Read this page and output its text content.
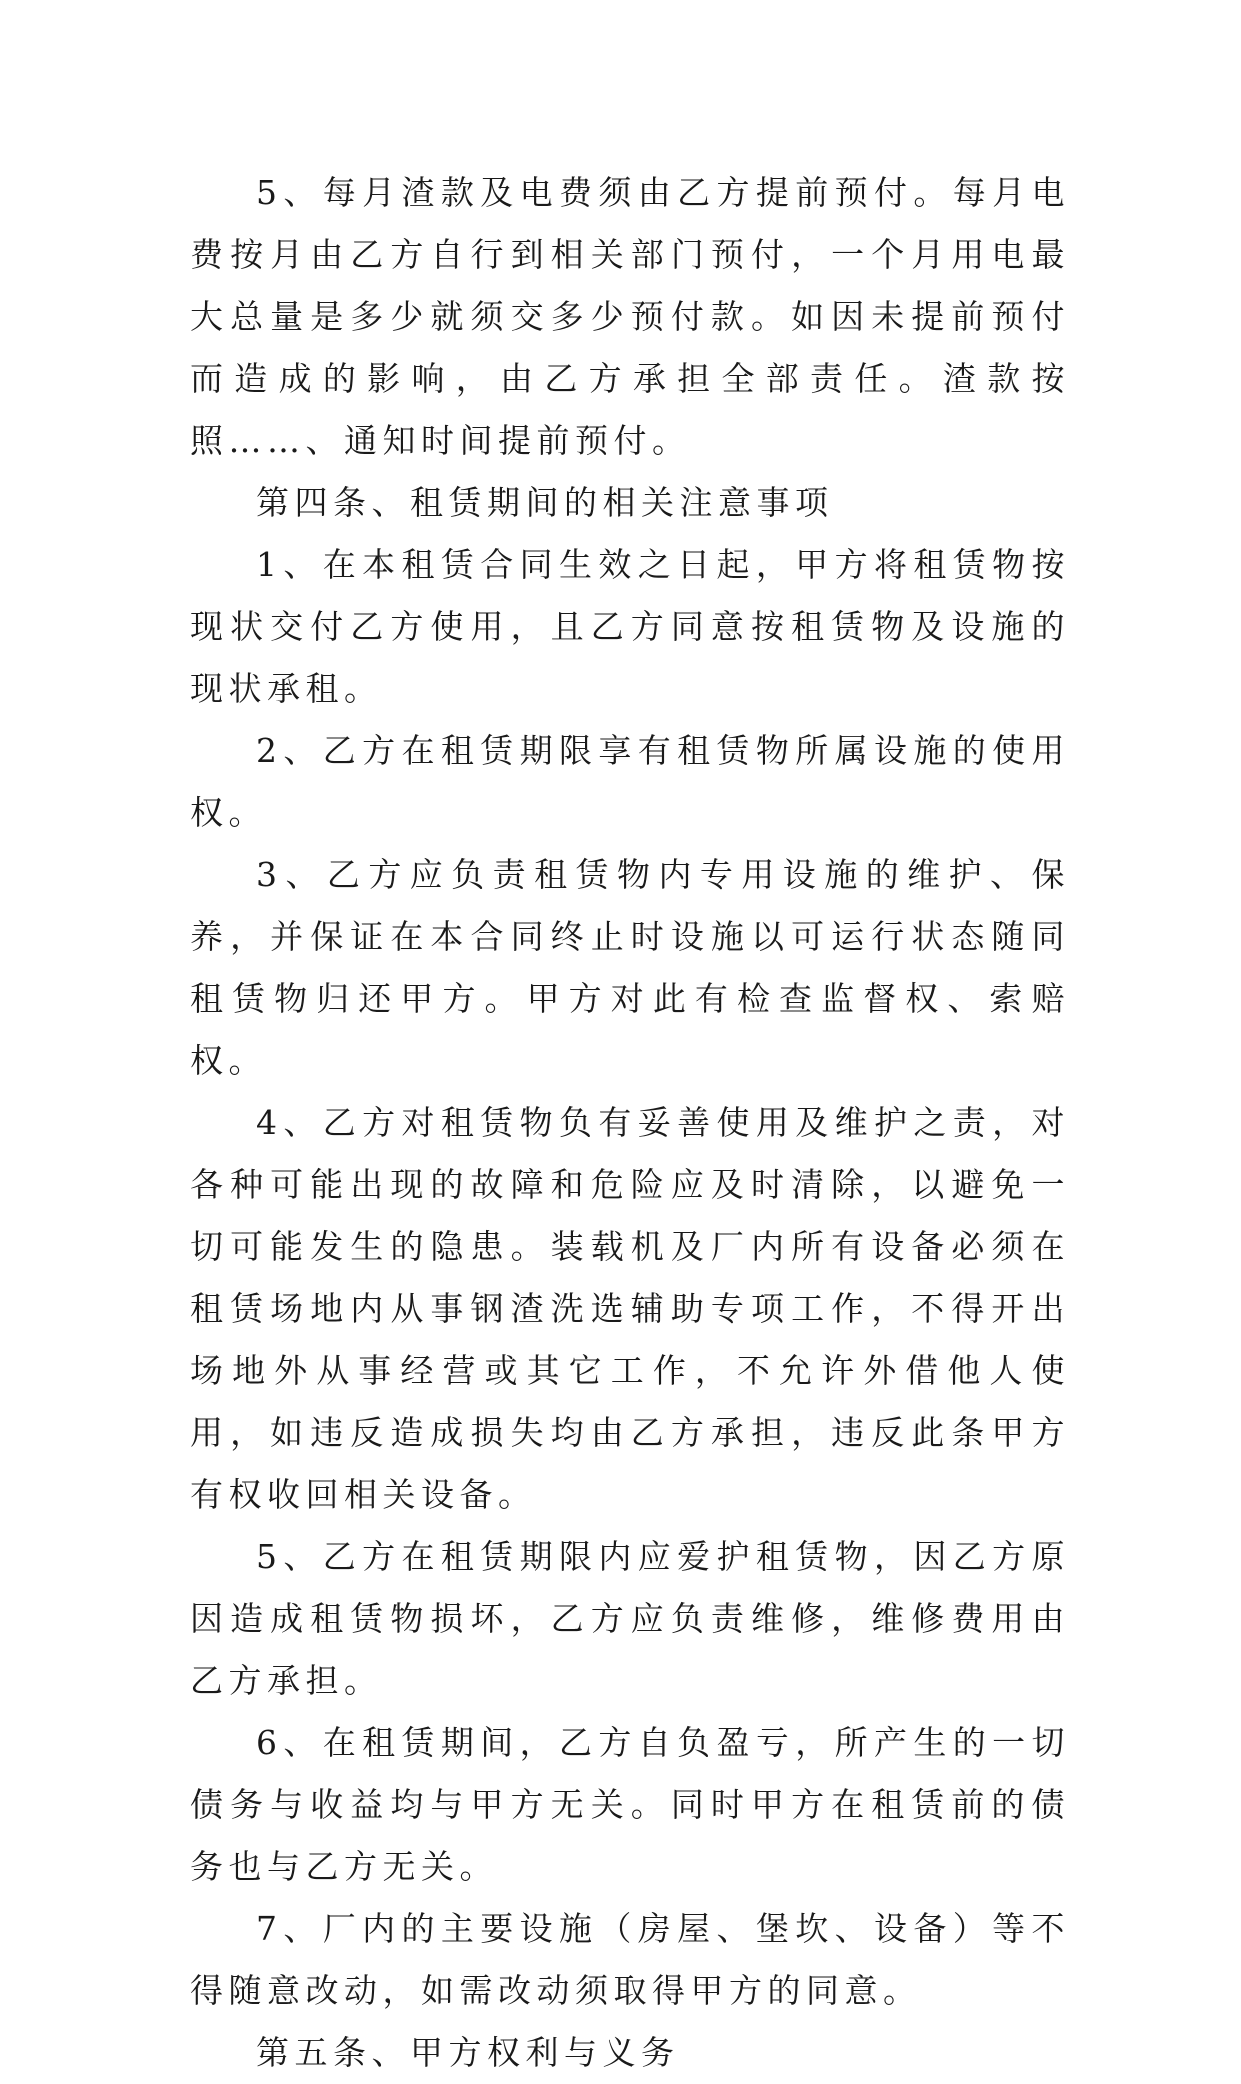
5、每月渣款及电费须由乙方提前预付。每月电费按月由乙方自行到相关部门预付，一个月用电最大总量是多少就须交多少预付款。如因未提前预付而造成的影响，由乙方承担全部责任。渣款按照……、通知时间提前预付。

第四条、租赁期间的相关注意事项

1、在本租赁合同生效之日起，甲方将租赁物按现状交付乙方使用，且乙方同意按租赁物及设施的现状承租。

2、乙方在租赁期限享有租赁物所属设施的使用权。

3、乙方应负责租赁物内专用设施的维护、保养，并保证在本合同终止时设施以可运行状态随同租赁物归还甲方。甲方对此有检查监督权、索赔权。

4、乙方对租赁物负有妥善使用及维护之责，对各种可能出现的故障和危险应及时清除，以避免一切可能发生的隐患。装载机及厂内所有设备必须在租赁场地内从事钢渣洗选辅助专项工作，不得开出场地外从事经营或其它工作，不允许外借他人使用，如违反造成损失均由乙方承担，违反此条甲方有权收回相关设备。

5、乙方在租赁期限内应爱护租赁物，因乙方原因造成租赁物损坏，乙方应负责维修，维修费用由乙方承担。

6、在租赁期间，乙方自负盈亏，所产生的一切债务与收益均与甲方无关。同时甲方在租赁前的债务也与乙方无关。

7、厂内的主要设施（房屋、堡坎、设备）等不得随意改动，如需改动须取得甲方的同意。

第五条、甲方权利与义务
